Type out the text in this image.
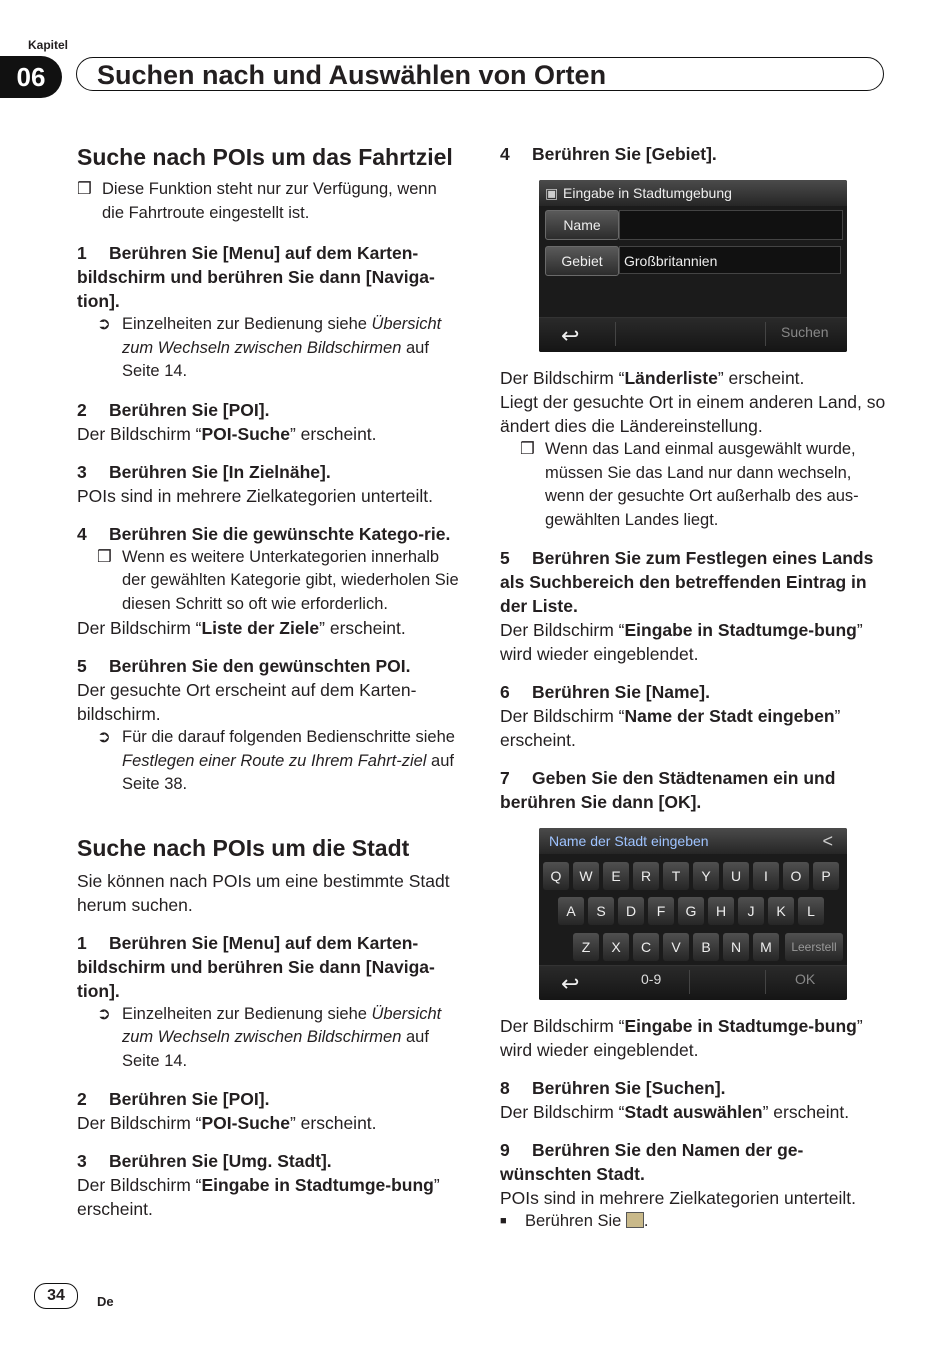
Kapitel
06	Suchen nach und Auswählen von Orten
Suche nach POIs um das Fahrtziel

❒ Diese Funktion steht nur zur Verfügung, wenn die Fahrtroute eingestellt ist.

1 Berühren Sie [Menu] auf dem Karten-bildschirm und berühren Sie dann [Naviga-tion].

➲ Einzelheiten zur Bedienung siehe Übersicht zum Wechseln zwischen Bildschirmen auf Seite 14.

2 Berühren Sie [POI].

Der Bildschirm “POI-Suche” erscheint.

3 Berühren Sie [In Zielnähe].

POIs sind in mehrere Zielkategorien unterteilt.

4 Berühren Sie die gewünschte Katego-rie.

❒ Wenn es weitere Unterkategorien innerhalb der gewählten Kategorie gibt, wiederholen Sie diesen Schritt so oft wie erforderlich.

Der Bildschirm “Liste der Ziele” erscheint.

5 Berühren Sie den gewünschten POI.

Der gesuchte Ort erscheint auf dem Karten-bildschirm.

➲ Für die darauf folgenden Bedienschritte siehe Festlegen einer Route zu Ihrem Fahrt-ziel auf Seite 38.

Suche nach POIs um die Stadt

Sie können nach POIs um eine bestimmte Stadt herum suchen.

1 Berühren Sie [Menu] auf dem Karten-bildschirm und berühren Sie dann [Naviga-tion].

➲ Einzelheiten zur Bedienung siehe Übersicht zum Wechseln zwischen Bildschirmen auf Seite 14.

2 Berühren Sie [POI].

Der Bildschirm “POI-Suche” erscheint.

3 Berühren Sie [Umg. Stadt].

Der Bildschirm “Eingabe in Stadtumge-bung” erscheint.

4 Berühren Sie [Gebiet].

▣ Eingabe in Stadtumgebung
Name
Gebiet	Großbritannien
↩	Suchen

Der Bildschirm “Länderliste” erscheint.

Liegt der gesuchte Ort in einem anderen Land, so ändert dies die Ländereinstellung.

❒ Wenn das Land einmal ausgewählt wurde, müssen Sie das Land nur dann wechseln, wenn der gesuchte Ort außerhalb des aus-gewählten Landes liegt.

5 Berühren Sie zum Festlegen eines Lands als Suchbereich den betreffenden Eintrag in der Liste.

Der Bildschirm “Eingabe in Stadtumge-bung” wird wieder eingeblendet.

6 Berühren Sie [Name].

Der Bildschirm “Name der Stadt eingeben” erscheint.

7 Geben Sie den Städtenamen ein und berühren Sie dann [OK].

Name der Stadt eingeben	<
Q	W	E	R	T	Y	U	I	O	P
A	S	D	F	G	H	J	K	L
Z	X	C	V	B	N	M	Leerstell
↩	0-9	OK

Der Bildschirm “Eingabe in Stadtumge-bung” wird wieder eingeblendet.

8 Berühren Sie [Suchen].

Der Bildschirm “Stadt auswählen” erscheint.

9 Berühren Sie den Namen der ge-wünschten Stadt.

POIs sind in mehrere Zielkategorien unterteilt.

■ Berühren Sie .

34	De
